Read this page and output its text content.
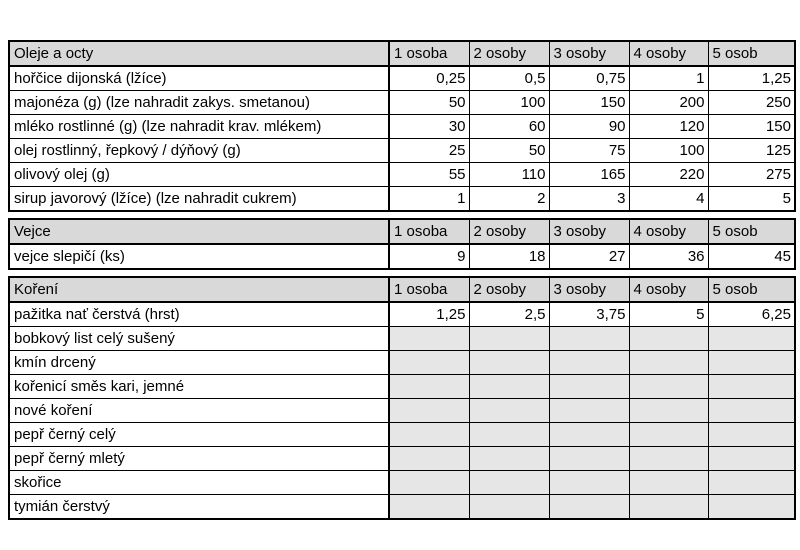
Oleje a octy	1 osoba	2 osoby	3 osoby	4 osoby	5 osob
hořčice dijonská (lžíce)	0,25	0,5	0,75	1	1,25
majonéza (g) (lze nahradit zakys. smetanou)	50	100	150	200	250
mléko rostlinné (g) (lze nahradit krav. mlékem)	30	60	90	120	150
olej rostlinný, řepkový / dýňový (g)	25	50	75	100	125
olivový olej (g)	55	110	165	220	275
sirup javorový (lžíce) (lze nahradit cukrem)	1	2	3	4	5
Vejce	1 osoba	2 osoby	3 osoby	4 osoby	5 osob
vejce slepičí (ks)	9	18	27	36	45
Koření	1 osoba	2 osoby	3 osoby	4 osoby	5 osob
pažitka nať čerstvá (hrst)	1,25	2,5	3,75	5	6,25
bobkový list celý sušený					
kmín drcený					
kořenicí směs kari, jemné					
nové koření					
pepř černý celý					
pepř černý mletý					
skořice					
tymián čerstvý					
